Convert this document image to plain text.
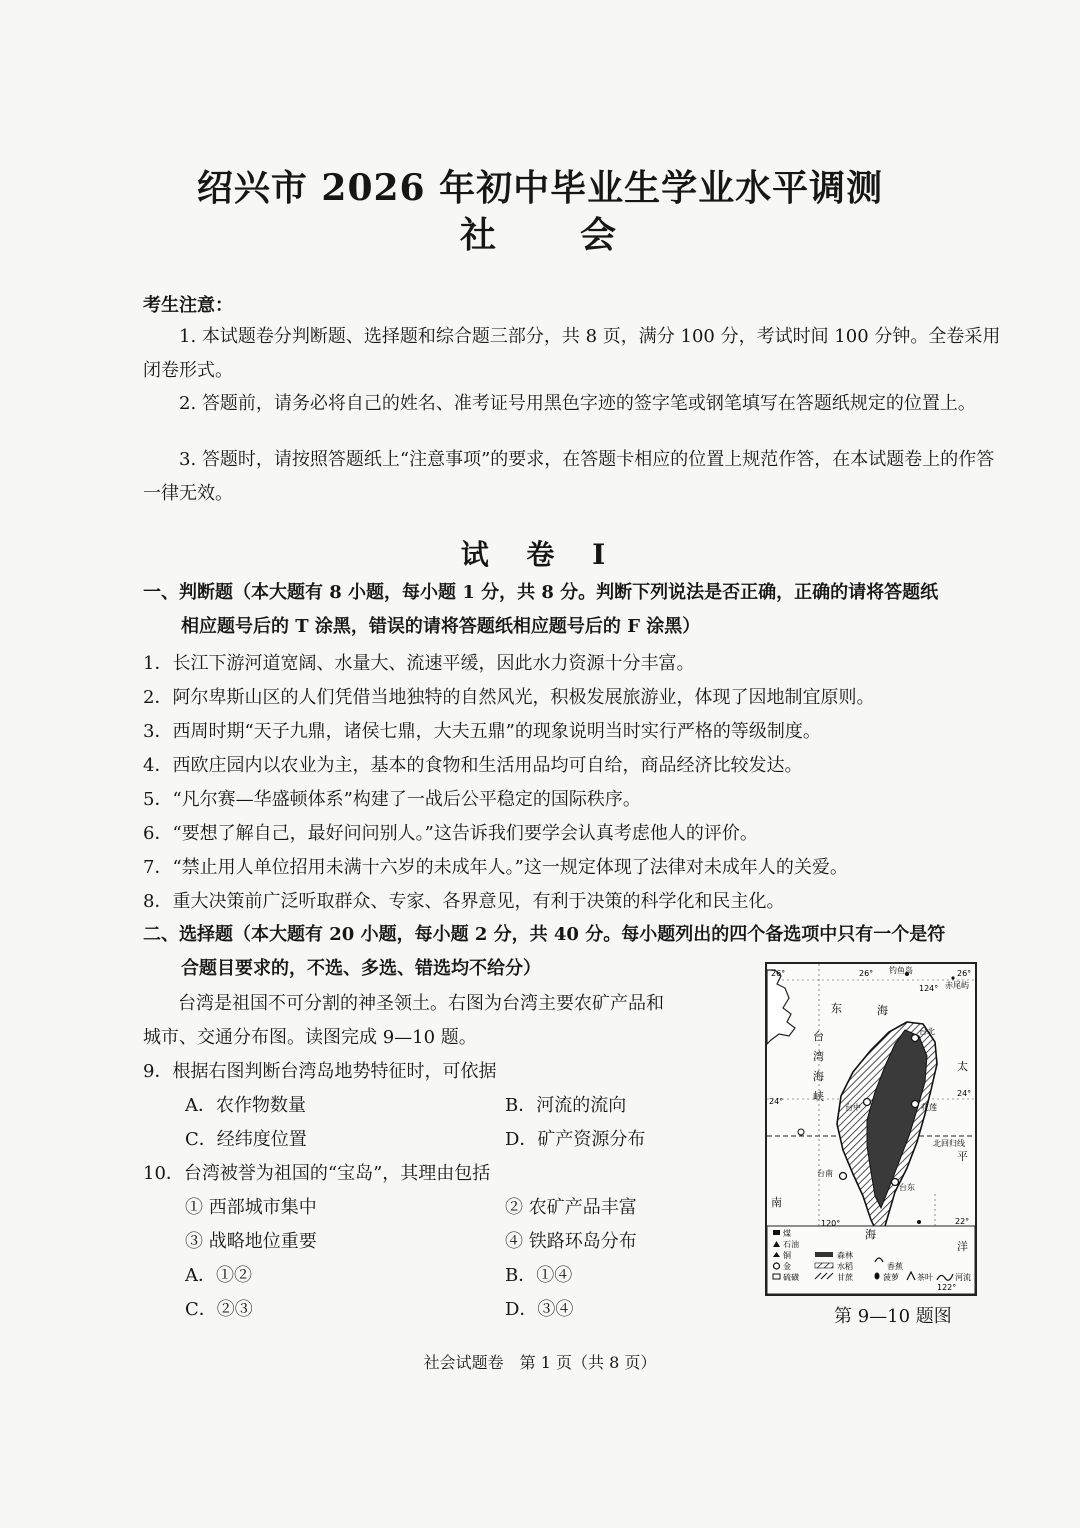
绍兴市 2026 年初中毕业生学业水平调测
社　　会
考生注意：

1. 本试题卷分判断题、选择题和综合题三部分，共 8 页，满分 100 分，考试时间 100 分钟。全卷采用闭卷形式。

2. 答题前，请务必将自己的姓名、准考证号用黑色字迹的签字笔或钢笔填写在答题纸规定的位置上。

3. 答题时，请按照答题纸上“注意事项”的要求，在答题卡相应的位置上规范作答，在本试题卷上的作答一律无效。

试 卷 I
一、判断题（本大题有 8 小题，每小题 1 分，共 8 分。判断下列说法是否正确，正确的请将答题纸
相应题号后的 T 涂黑，错误的请将答题纸相应题号后的 F 涂黑）
1．长江下游河道宽阔、水量大、流速平缓，因此水力资源十分丰富。
2．阿尔卑斯山区的人们凭借当地独特的自然风光，积极发展旅游业，体现了因地制宜原则。
3．西周时期“天子九鼎，诸侯七鼎，大夫五鼎”的现象说明当时实行严格的等级制度。
4．西欧庄园内以农业为主，基本的食物和生活用品均可自给，商品经济比较发达。
5．“凡尔赛—华盛顿体系”构建了一战后公平稳定的国际秩序。
6．“要想了解自己，最好问问别人。”这告诉我们要学会认真考虑他人的评价。
7．“禁止用人单位招用未满十六岁的未成年人。”这一规定体现了法律对未成年人的关爱。
8．重大决策前广泛听取群众、专家、各界意见，有利于决策的科学化和民主化。
二、选择题（本大题有 20 小题，每小题 2 分，共 40 分。每小题列出的四个备选项中只有一个是符
合题目要求的，不选、多选、错选均不给分）
台湾是祖国不可分割的神圣领土。右图为台湾主要农矿产品和
城市、交通分布图。读图完成 9—10 题。
9．根据右图判断台湾岛地势特征时，可依据
A．农作物数量	B．河流的流向
C．经纬度位置	D．矿产资源分布
10．台湾被誉为祖国的“宝岛”，其理由包括
① 西部城市集中	② 农矿产品丰富
③ 战略地位重要	④ 铁路环岛分布
A．①②	B．①④
C．②③	D．③④
26°	26°	26°
钓鱼岛
赤尾屿
124°
东	海
台
湾
海
峡
太
平
洋
南
海
24°
24°
22°
120°
122°
北回归线
台北
台中	花莲
台南
台东
煤
石油
铜
金
硫磺
森林
水稻
甘蔗
香蕉
菠萝 茶叶	河流
第 9—10 题图
社会试题卷　第 1 页（共 8 页）
